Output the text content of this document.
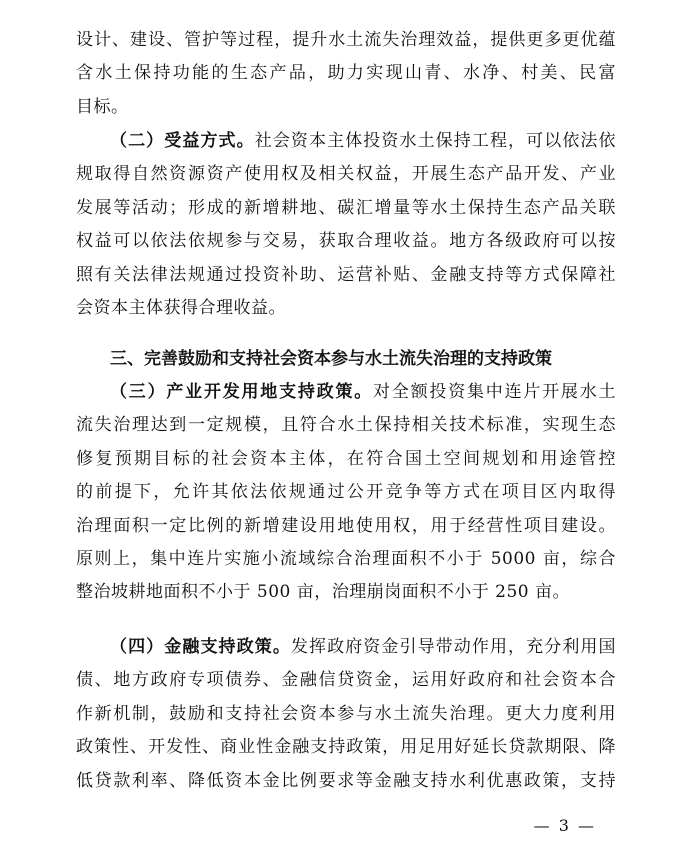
设计、建设、管护等过程，提升水土流失治理效益，提供更多更优蕴
含水土保持功能的生态产品，助力实现山青、水净、村美、民富
目标。
（二）受益方式。社会资本主体投资水土保持工程，可以依法依
规取得自然资源资产使用权及相关权益，开展生态产品开发、产业
发展等活动；形成的新增耕地、碳汇增量等水土保持生态产品关联
权益可以依法依规参与交易，获取合理收益。地方各级政府可以按
照有关法律法规通过投资补助、运营补贴、金融支持等方式保障社
会资本主体获得合理收益。
三、完善鼓励和支持社会资本参与水土流失治理的支持政策
（三）产业开发用地支持政策。对全额投资集中连片开展水土
流失治理达到一定规模，且符合水土保持相关技术标准，实现生态
修复预期目标的社会资本主体，在符合国土空间规划和用途管控
的前提下，允许其依法依规通过公开竞争等方式在项目区内取得
治理面积一定比例的新增建设用地使用权，用于经营性项目建设。
原则上，集中连片实施小流域综合治理面积不小于 5000 亩，综合
整治坡耕地面积不小于 500 亩，治理崩岗面积不小于 250 亩。
（四）金融支持政策。发挥政府资金引导带动作用，充分利用国
债、地方政府专项债券、金融信贷资金，运用好政府和社会资本合
作新机制，鼓励和支持社会资本参与水土流失治理。更大力度利用
政策性、开发性、商业性金融支持政策，用足用好延长贷款期限、降
低贷款利率、降低资本金比例要求等金融支持水利优惠政策，支持
— 3 —
